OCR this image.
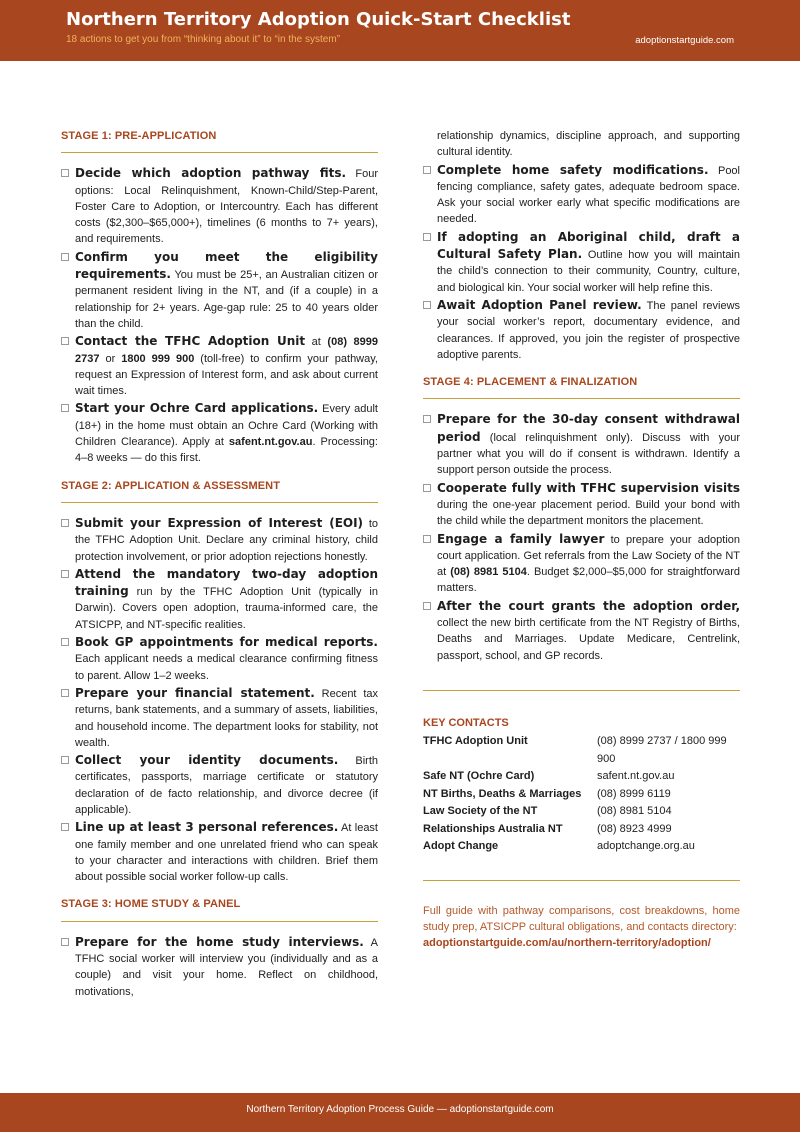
Northern Territory Adoption Quick-Start Checklist
18 actions to get you from “thinking about it” to “in the system”	adoptionstartguide.com
STAGE 1: PRE-APPLICATION
Decide which adoption pathway fits. Four options: Local Relinquishment, Known-Child/Step-Parent, Foster Care to Adoption, or Intercountry. Each has different costs ($2,300–$65,000+), timelines (6 months to 7+ years), and requirements.
Confirm you meet the eligibility requirements. You must be 25+, an Australian citizen or permanent resident living in the NT, and (if a couple) in a relationship for 2+ years. Age-gap rule: 25 to 40 years older than the child.
Contact the TFHC Adoption Unit at (08) 8999 2737 or 1800 999 900 (toll-free) to confirm your pathway, request an Expression of Interest form, and ask about current wait times.
Start your Ochre Card applications. Every adult (18+) in the home must obtain an Ochre Card (Working with Children Clearance). Apply at safent.nt.gov.au. Processing: 4–8 weeks — do this first.
STAGE 2: APPLICATION & ASSESSMENT
Submit your Expression of Interest (EOI) to the TFHC Adoption Unit. Declare any criminal history, child protection involvement, or prior adoption rejections honestly.
Attend the mandatory two-day adoption training run by the TFHC Adoption Unit (typically in Darwin). Covers open adoption, trauma-informed care, the ATSICPP, and NT-specific realities.
Book GP appointments for medical reports. Each applicant needs a medical clearance confirming fitness to parent. Allow 1–2 weeks.
Prepare your financial statement. Recent tax returns, bank statements, and a summary of assets, liabilities, and household income. The department looks for stability, not wealth.
Collect your identity documents. Birth certificates, passports, marriage certificate or statutory declaration of de facto relationship, and divorce decree (if applicable).
Line up at least 3 personal references. At least one family member and one unrelated friend who can speak to your character and interactions with children. Brief them about possible social worker follow-up calls.
STAGE 3: HOME STUDY & PANEL
Prepare for the home study interviews. A TFHC social worker will interview you (individually and as a couple) and visit your home. Reflect on childhood, motivations,
relationship dynamics, discipline approach, and supporting cultural identity.
Complete home safety modifications. Pool fencing compliance, safety gates, adequate bedroom space. Ask your social worker early what specific modifications are needed.
If adopting an Aboriginal child, draft a Cultural Safety Plan. Outline how you will maintain the child’s connection to their community, Country, culture, and biological kin. Your social worker will help refine this.
Await Adoption Panel review. The panel reviews your social worker’s report, documentary evidence, and clearances. If approved, you join the register of prospective adoptive parents.
STAGE 4: PLACEMENT & FINALIZATION
Prepare for the 30-day consent withdrawal period (local relinquishment only). Discuss with your partner what you will do if consent is withdrawn. Identify a support person outside the process.
Cooperate fully with TFHC supervision visits during the one-year placement period. Build your bond with the child while the department monitors the placement.
Engage a family lawyer to prepare your adoption court application. Get referrals from the Law Society of the NT at (08) 8981 5104. Budget $2,000–$5,000 for straightforward matters.
After the court grants the adoption order, collect the new birth certificate from the NT Registry of Births, Deaths and Marriages. Update Medicare, Centrelink, passport, school, and GP records.
KEY CONTACTS
TFHC Adoption Unit	(08) 8999 2737 / 1800 999 900
Safe NT (Ochre Card)	safent.nt.gov.au
NT Births, Deaths & Marriages	(08) 8999 6119
Law Society of the NT	(08) 8981 5104
Relationships Australia NT	(08) 8923 4999
Adopt Change	adoptchange.org.au
Full guide with pathway comparisons, cost breakdowns, home study prep, ATSICPP cultural obligations, and contacts directory:
adoptionstartguide.com/au/northern-territory/adoption/
Northern Territory Adoption Process Guide — adoptionstartguide.com
